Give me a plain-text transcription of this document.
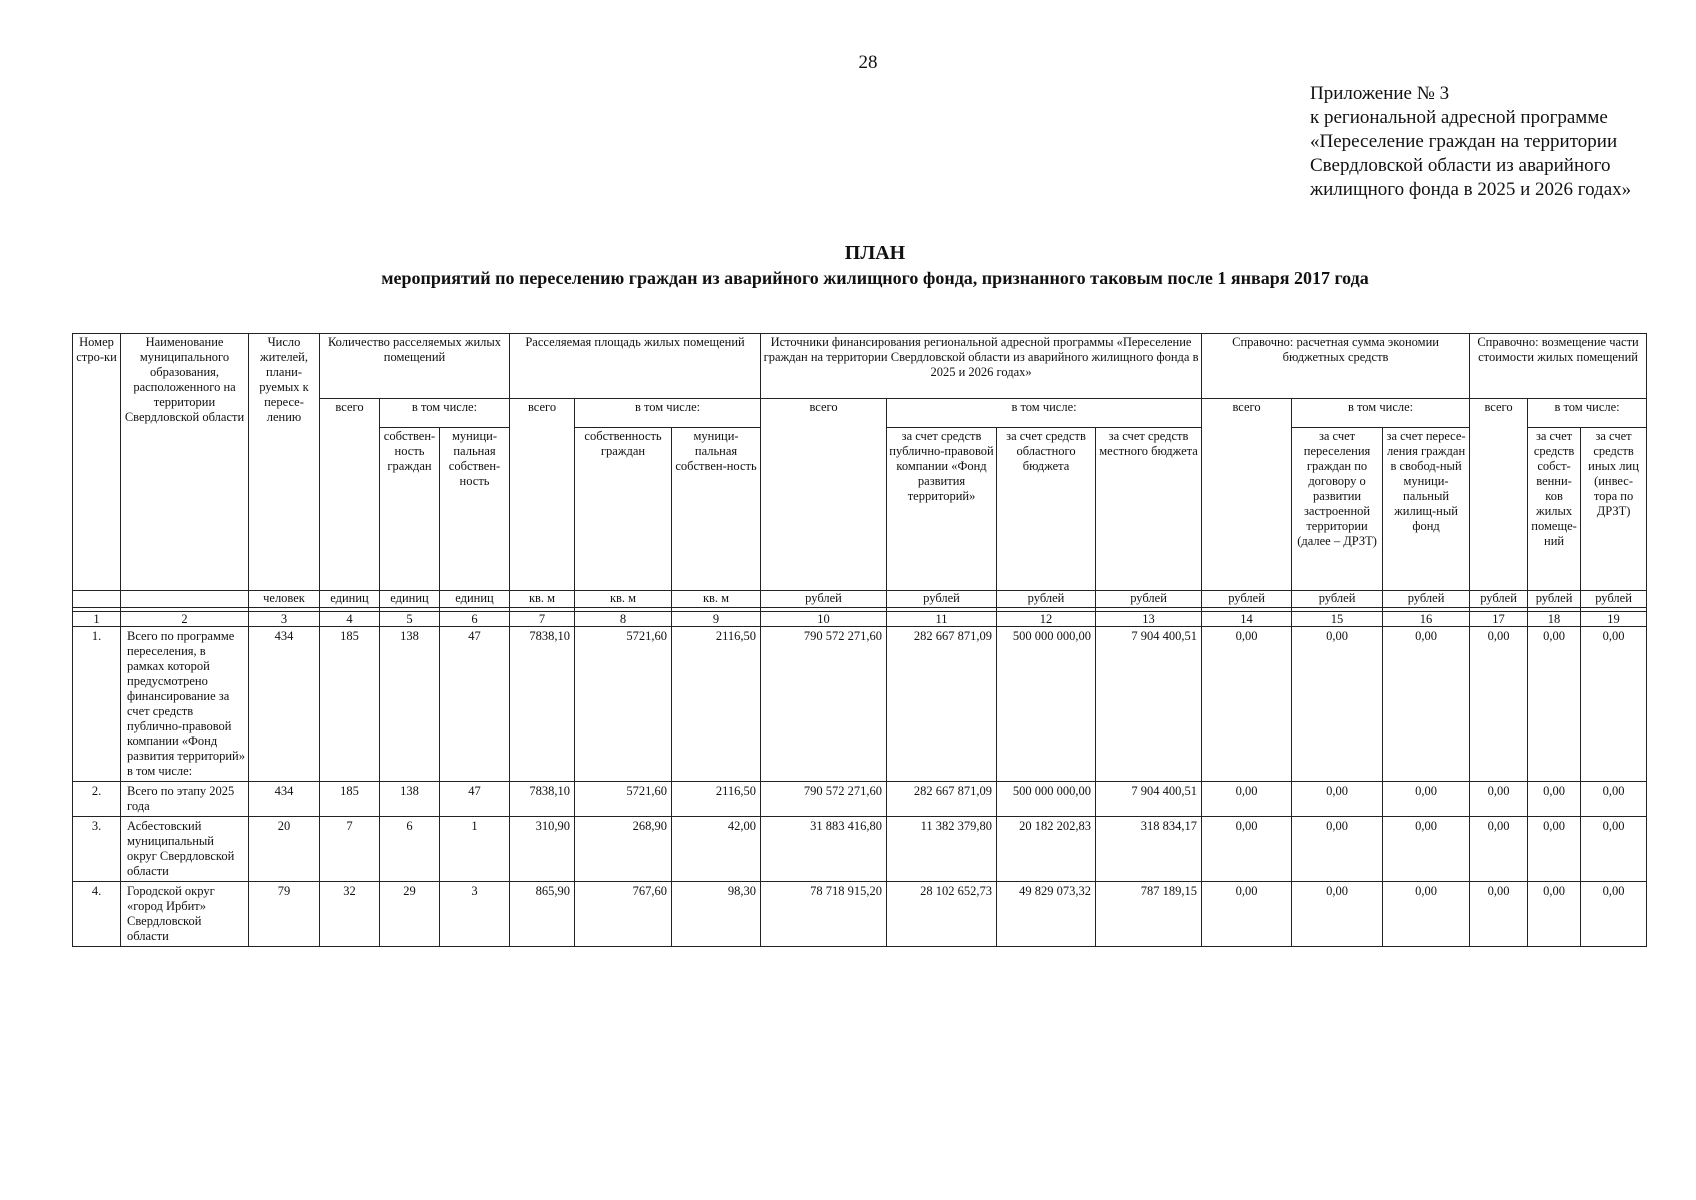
28
Приложение № 3
к региональной адресной программе
«Переселение граждан на территории
Свердловской области из аварийного
жилищного фонда в 2025 и 2026 годах»
ПЛАН
мероприятий по переселению граждан из аварийного жилищного фонда, признанного таковым после 1 января 2017 года
Номер стро-ки	Наименование муниципального образования, расположенного на территории Свердловской области	Число жителей, плани-руемых к пересе-лению	Количество расселяемых жилых помещений			Расселяемая площадь жилых помещений			Источники финансирования региональной адресной программы «Переселение граждан на территории Свердловской области из аварийного жилищного фонда в 2025 и 2026 годах»				Справочно: расчетная сумма экономии бюджетных средств			Справочно: возмещение части стоимости жилых помещений		
			всего	в том числе:		всего	в том числе:		всего	в том числе:			всего	в том числе:		всего	в том числе:	
				собствен-ность граждан	муници-пальная собствен-ность		собственность граждан	муници-пальная собствен-ность		за счет средств публично-правовой компании «Фонд развития территорий»	за счет средств областного бюджета	за счет средств местного бюджета		за счет переселения граждан по договору о развитии застроенной территории (далее – ДРЗТ)	за счет пересе-ления граждан в свобод-ный муници-пальный жилищ-ный фонд		за счет средств собст-венни-ков жилых помеще-ний	за счет средств иных лиц (инвес-тора по ДРЗТ)
		человек	единиц	единиц	единиц	кв. м	кв. м	кв. м	рублей	рублей	рублей	рублей	рублей	рублей	рублей	рублей	рублей	рублей

1	2	3	4	5	6	7	8	9	10	11	12	13	14	15	16	17	18	19
1.	Всего по программе переселения, в рамках которой предусмотрено финансирование за счет средств публично-правовой компании «Фонд развития территорий» в том числе:	434	185	138	47	7838,10	5721,60	2116,50	790 572 271,60	282 667 871,09	500 000 000,00	7 904 400,51	0,00	0,00	0,00	0,00	0,00	0,00
2.	Всего по этапу 2025 года	434	185	138	47	7838,10	5721,60	2116,50	790 572 271,60	282 667 871,09	500 000 000,00	7 904 400,51	0,00	0,00	0,00	0,00	0,00	0,00
3.	Асбестовский муниципальный округ Свердловской области	20	7	6	1	310,90	268,90	42,00	31 883 416,80	11 382 379,80	20 182 202,83	318 834,17	0,00	0,00	0,00	0,00	0,00	0,00
4.	Городской округ «город Ирбит» Свердловской области	79	32	29	3	865,90	767,60	98,30	78 718 915,20	28 102 652,73	49 829 073,32	787 189,15	0,00	0,00	0,00	0,00	0,00	0,00
